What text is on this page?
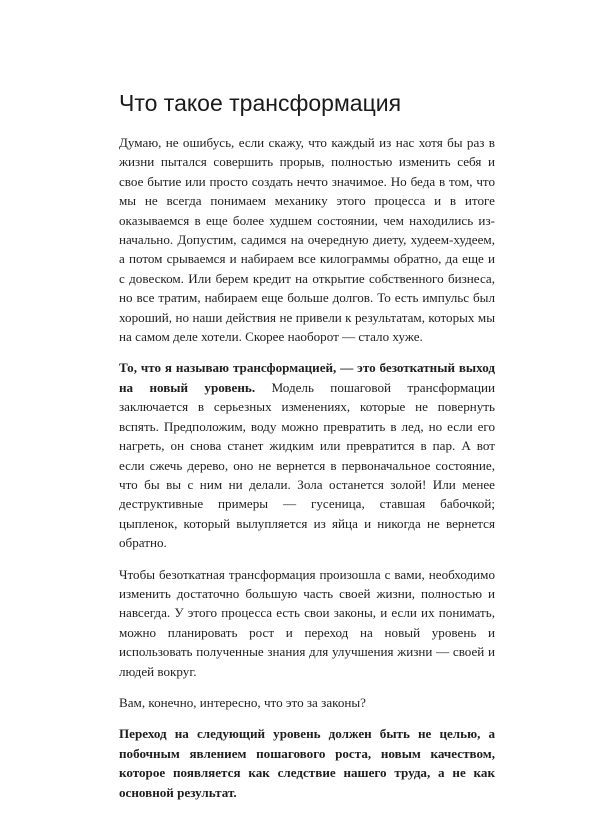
Что такое трансформация

Думаю, не ошибусь, если скажу, что каждый из нас хотя бы раз в жизни пытался совершить прорыв, полностью изменить себя и свое бытие или просто создать нечто значимое. Но беда в том, что мы не всегда понимаем механику этого процесса и в итоге оказываемся в еще более худшем состоянии, чем находились изначально. Допустим, садимся на очередную диету, худеем-худеем, а потом срываемся и набираем все килограммы обратно, да еще и с довеском. Или берем кредит на открытие собственного бизнеса, но все тратим, набираем еще больше долгов. То есть импульс был хороший, но наши действия не привели к результатам, которых мы на самом деле хотели. Скорее наоборот — стало хуже.

То, что я называю трансформацией, — это безоткатный выход на новый уровень. Модель пошаговой трансформации заключается в серьезных изменениях, которые не повернуть вспять. Предположим, воду можно превратить в лед, но если его нагреть, он снова станет жидким или превратится в пар. А вот если сжечь дерево, оно не вернется в первоначальное состояние, что бы вы с ним ни делали. Зола останется золой! Или менее деструктивные примеры — гусеница, ставшая бабочкой; цыпленок, который вылупляется из яйца и никогда не вернется обратно.

Чтобы безоткатная трансформация произошла с вами, необходимо изменить достаточно большую часть своей жизни, полностью и навсегда. У этого процесса есть свои законы, и если их понимать, можно планировать рост и переход на новый уровень и использовать полученные знания для улучшения жизни — своей и людей вокруг.

Вам, конечно, интересно, что это за законы?

Переход на следующий уровень должен быть не целью, а побочным явлением пошагового роста, новым качеством, которое появляется как следствие нашего труда, а не как основной результат.
